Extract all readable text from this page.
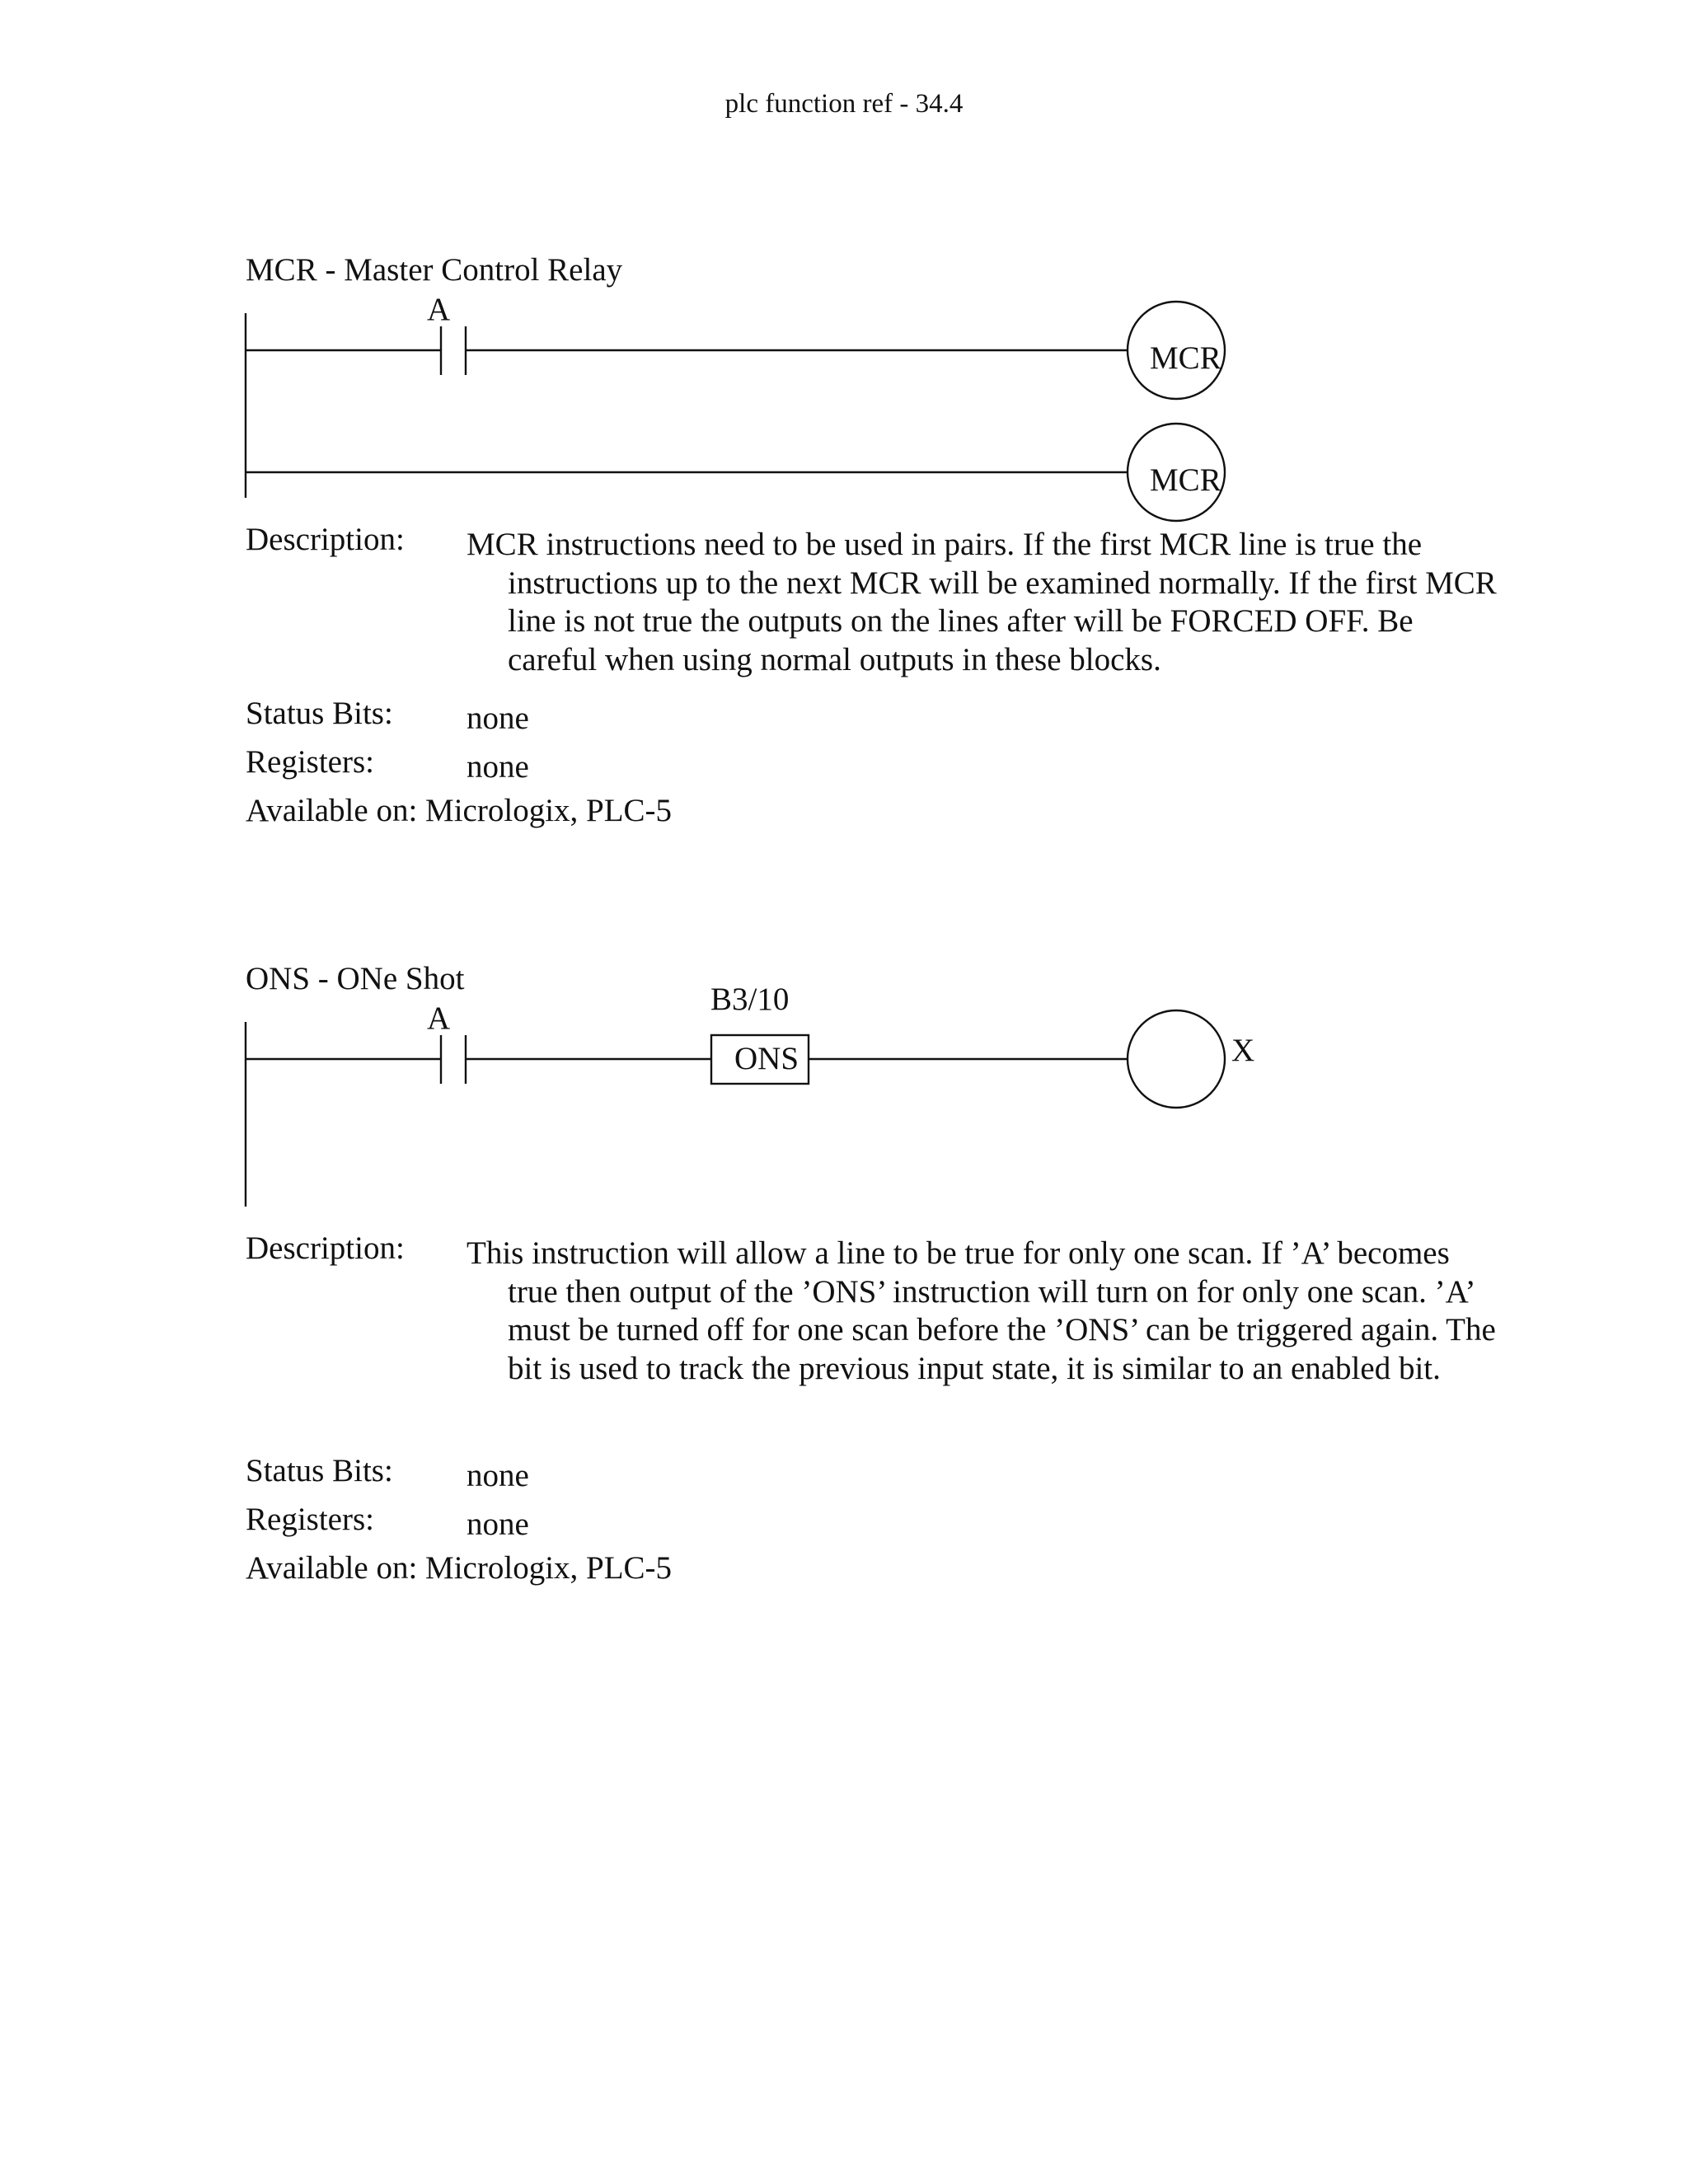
plc function ref - 34.4
MCR - Master Control Relay
A
MCR
MCR
Description: MCR instructions need to be used in pairs. If the first MCR line is true the instructions up to the next MCR will be examined normally. If the first MCR line is not true the outputs on the lines after will be FORCED OFF. Be careful when using normal outputs in these blocks.
Status Bits: none
Registers:	none
Available on: Micrologix, PLC-5
ONS - ONe Shot
A
B3/10
ONS	X
Description: This instruction will allow a line to be true for only one scan. If ’A’ becomes true then output of the ’ONS’ instruction will turn on for only one scan. ’A’ must be turned off for one scan before the ’ONS’ can be triggered again. The bit is used to track the previous input state, it is similar to an enabled bit.
Status Bits: none
Registers:	none
Available on: Micrologix, PLC-5
